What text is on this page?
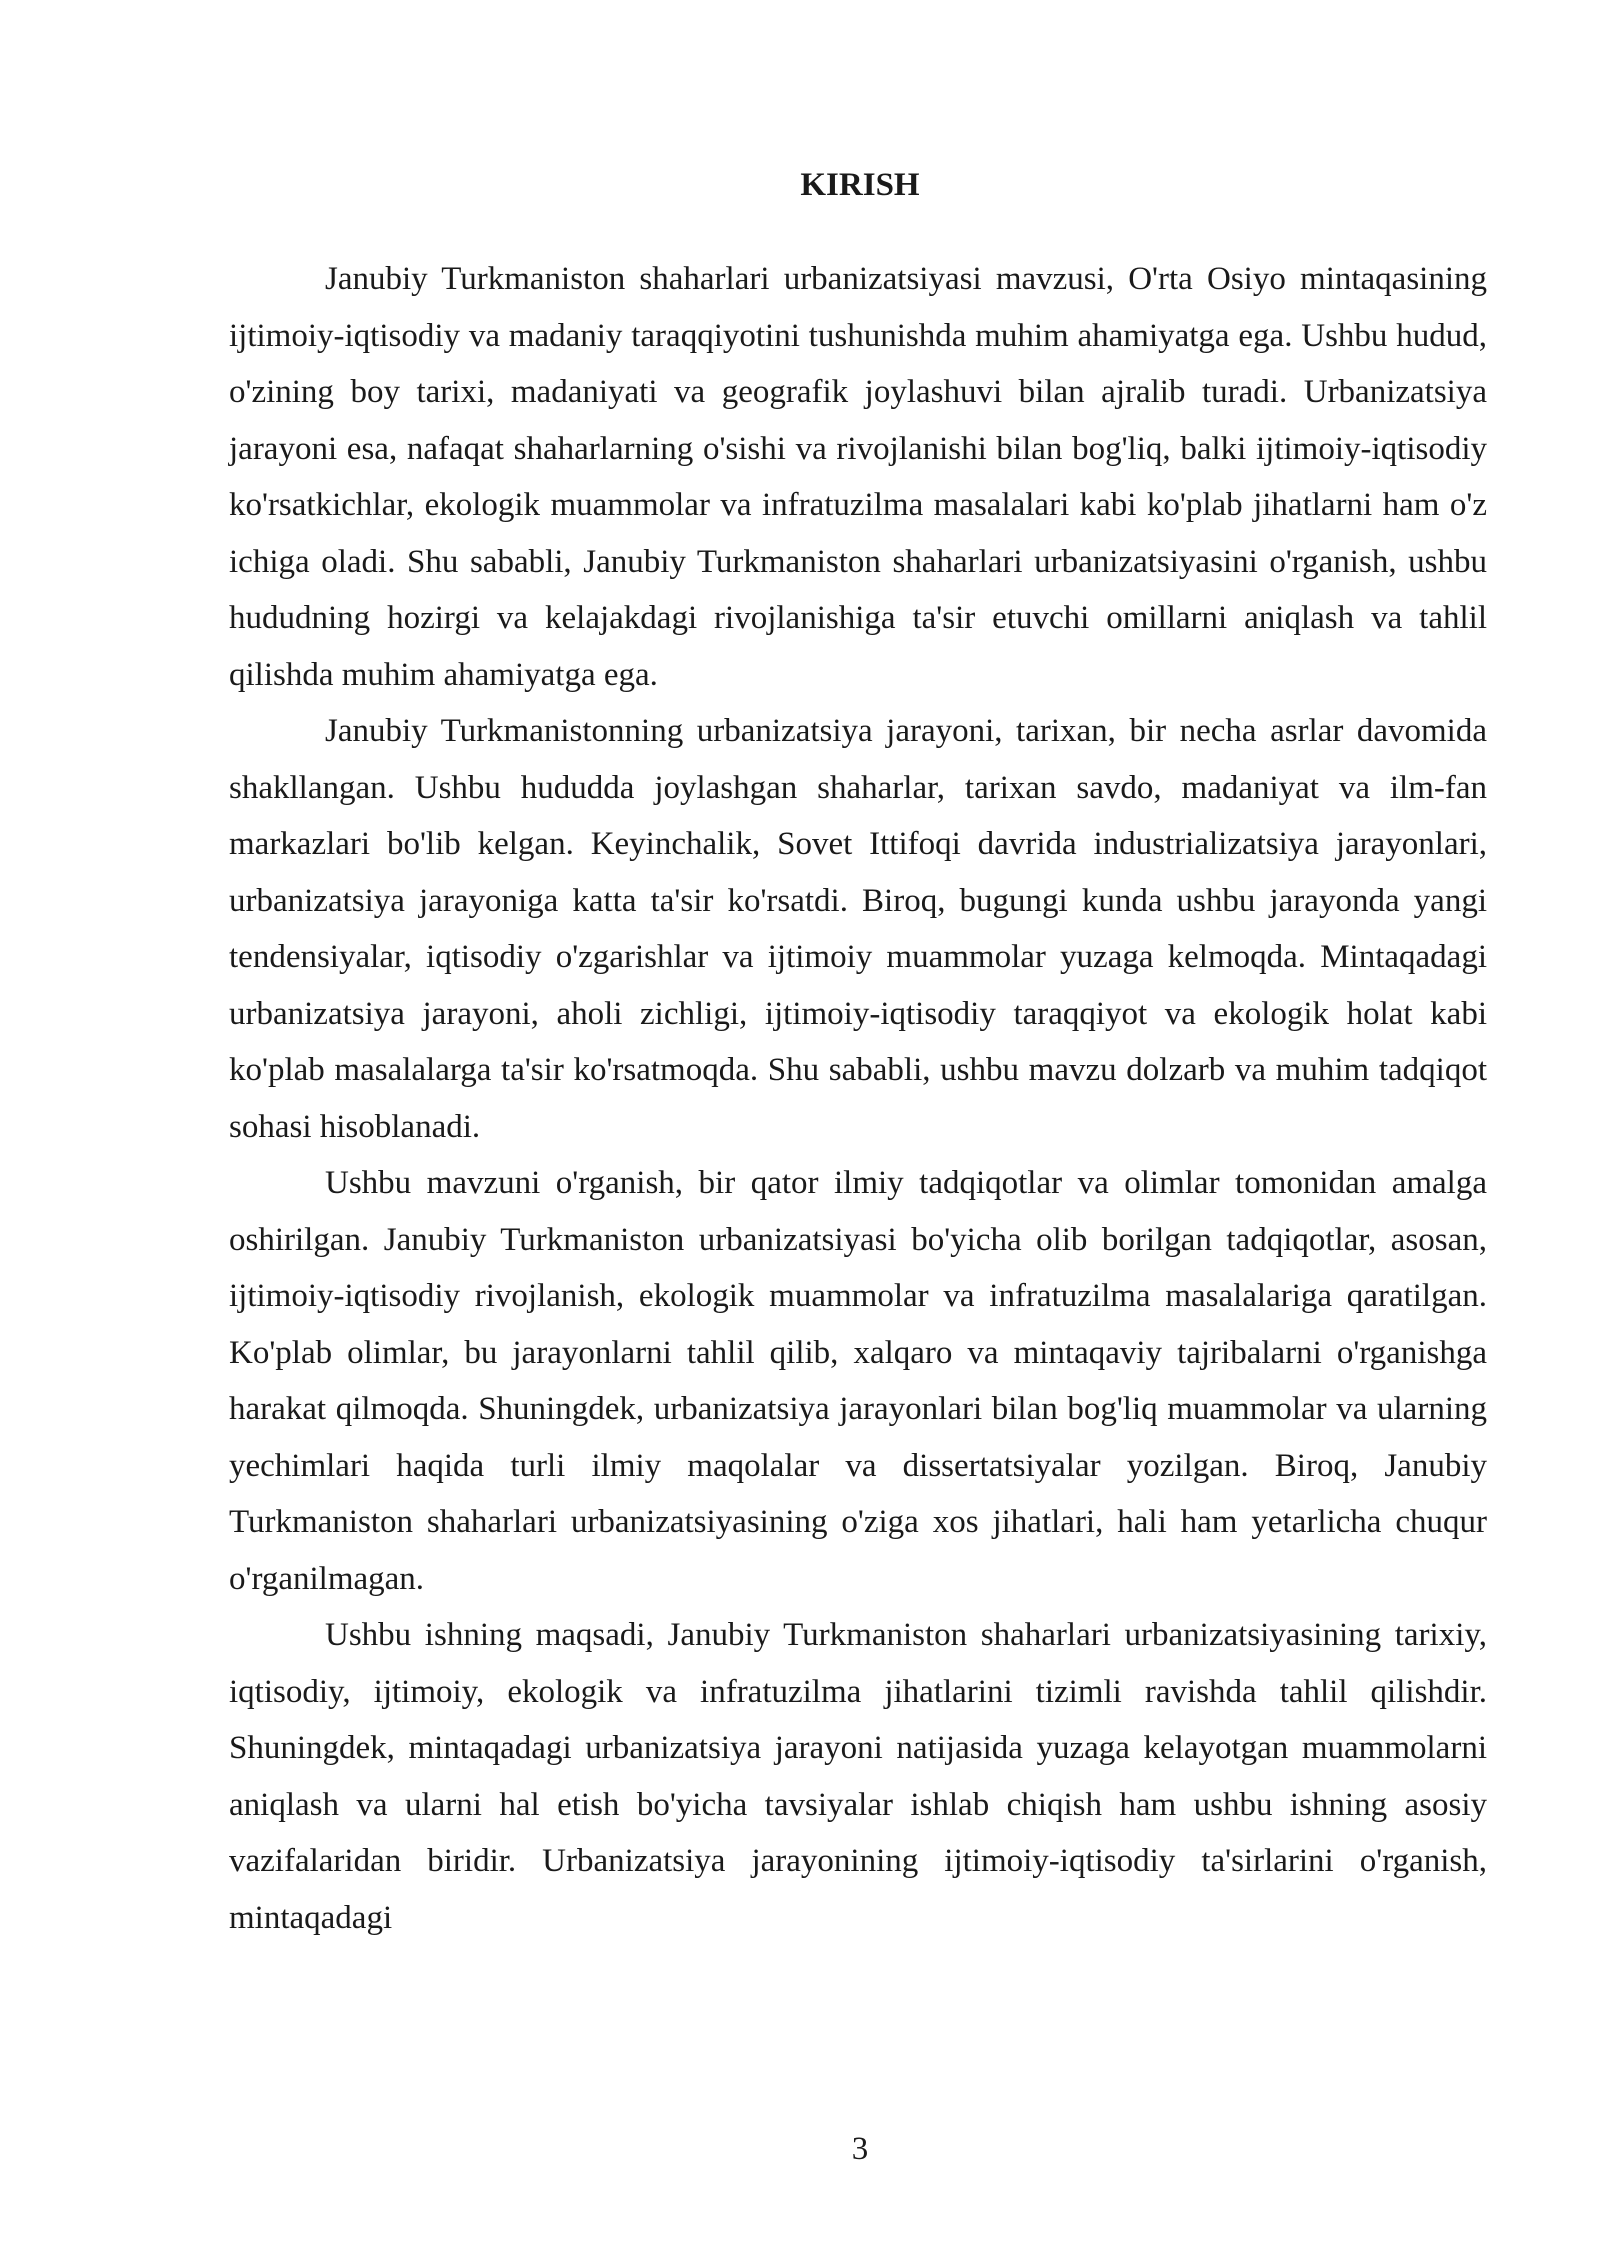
KIRISH

Janubiy Turkmaniston shaharlari urbanizatsiyasi mavzusi, O'rta Osiyo mintaqasining ijtimoiy-iqtisodiy va madaniy taraqqiyotini tushunishda muhim ahamiyatga ega. Ushbu hudud, o'zining boy tarixi, madaniyati va geografik joylashuvi bilan ajralib turadi. Urbanizatsiya jarayoni esa, nafaqat shaharlarning o'sishi va rivojlanishi bilan bog'liq, balki ijtimoiy-iqtisodiy ko'rsatkichlar, ekologik muammolar va infratuzilma masalalari kabi ko'plab jihatlarni ham o'z ichiga oladi. Shu sababli, Janubiy Turkmaniston shaharlari urbanizatsiyasini o'rganish, ushbu hududning hozirgi va kelajakdagi rivojlanishiga ta'sir etuvchi omillarni aniqlash va tahlil qilishda muhim ahamiyatga ega.

Janubiy Turkmanistonning urbanizatsiya jarayoni, tarixan, bir necha asrlar davomida shakllangan. Ushbu hududda joylashgan shaharlar, tarixan savdo, madaniyat va ilm-fan markazlari bo'lib kelgan. Keyinchalik, Sovet Ittifoqi davrida industrializatsiya jarayonlari, urbanizatsiya jarayoniga katta ta'sir ko'rsatdi. Biroq, bugungi kunda ushbu jarayonda yangi tendensiyalar, iqtisodiy o'zgarishlar va ijtimoiy muammolar yuzaga kelmoqda. Mintaqadagi urbanizatsiya jarayoni, aholi zichligi, ijtimoiy-iqtisodiy taraqqiyot va ekologik holat kabi ko'plab masalalarga ta'sir ko'rsatmoqda. Shu sababli, ushbu mavzu dolzarb va muhim tadqiqot sohasi hisoblanadi.

Ushbu mavzuni o'rganish, bir qator ilmiy tadqiqotlar va olimlar tomonidan amalga oshirilgan. Janubiy Turkmaniston urbanizatsiyasi bo'yicha olib borilgan tadqiqotlar, asosan, ijtimoiy-iqtisodiy rivojlanish, ekologik muammolar va infratuzilma masalalariga qaratilgan. Ko'plab olimlar, bu jarayonlarni tahlil qilib, xalqaro va mintaqaviy tajribalarni o'rganishga harakat qilmoqda. Shuningdek, urbanizatsiya jarayonlari bilan bog'liq muammolar va ularning yechimlari haqida turli ilmiy maqolalar va dissertatsiyalar yozilgan. Biroq, Janubiy Turkmaniston shaharlari urbanizatsiyasining o'ziga xos jihatlari, hali ham yetarlicha chuqur o'rganilmagan.

Ushbu ishning maqsadi, Janubiy Turkmaniston shaharlari urbanizatsiyasining tarixiy, iqtisodiy, ijtimoiy, ekologik va infratuzilma jihatlarini tizimli ravishda tahlil qilishdir. Shuningdek, mintaqadagi urbanizatsiya jarayoni natijasida yuzaga kelayotgan muammolarni aniqlash va ularni hal etish bo'yicha tavsiyalar ishlab chiqish ham ushbu ishning asosiy vazifalaridan biridir. Urbanizatsiya jarayonining ijtimoiy-iqtisodiy ta'sirlarini o'rganish, mintaqadagi

3
